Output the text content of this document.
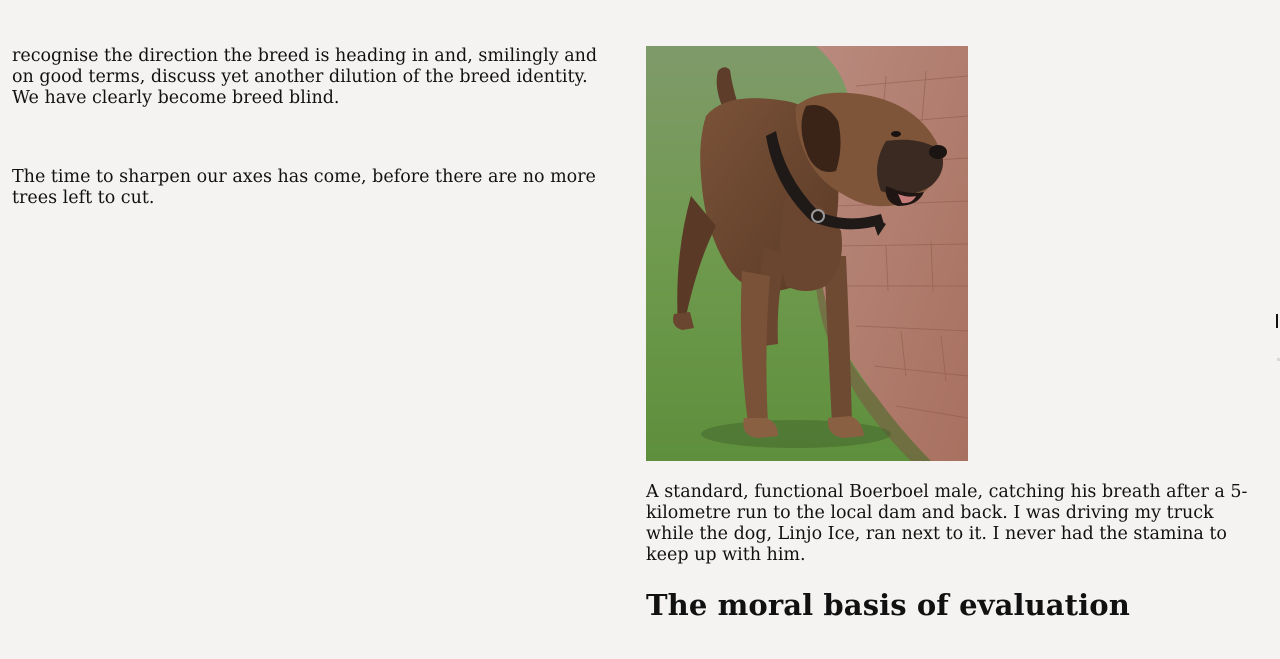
recognise the direction the breed is heading in and, smilingly and on good terms, discuss yet another dilution of the breed identity. We have clearly become breed blind.

The time to sharpen our axes has come, before there are no more trees left to cut.

A standard, functional Boerboel male, catching his breath after a 5-kilometre run to the local dam and back. I was driving my truck while the dog, Linjo Ice, ran next to it. I never had the stamina to keep up with him.

The moral basis of evaluation
